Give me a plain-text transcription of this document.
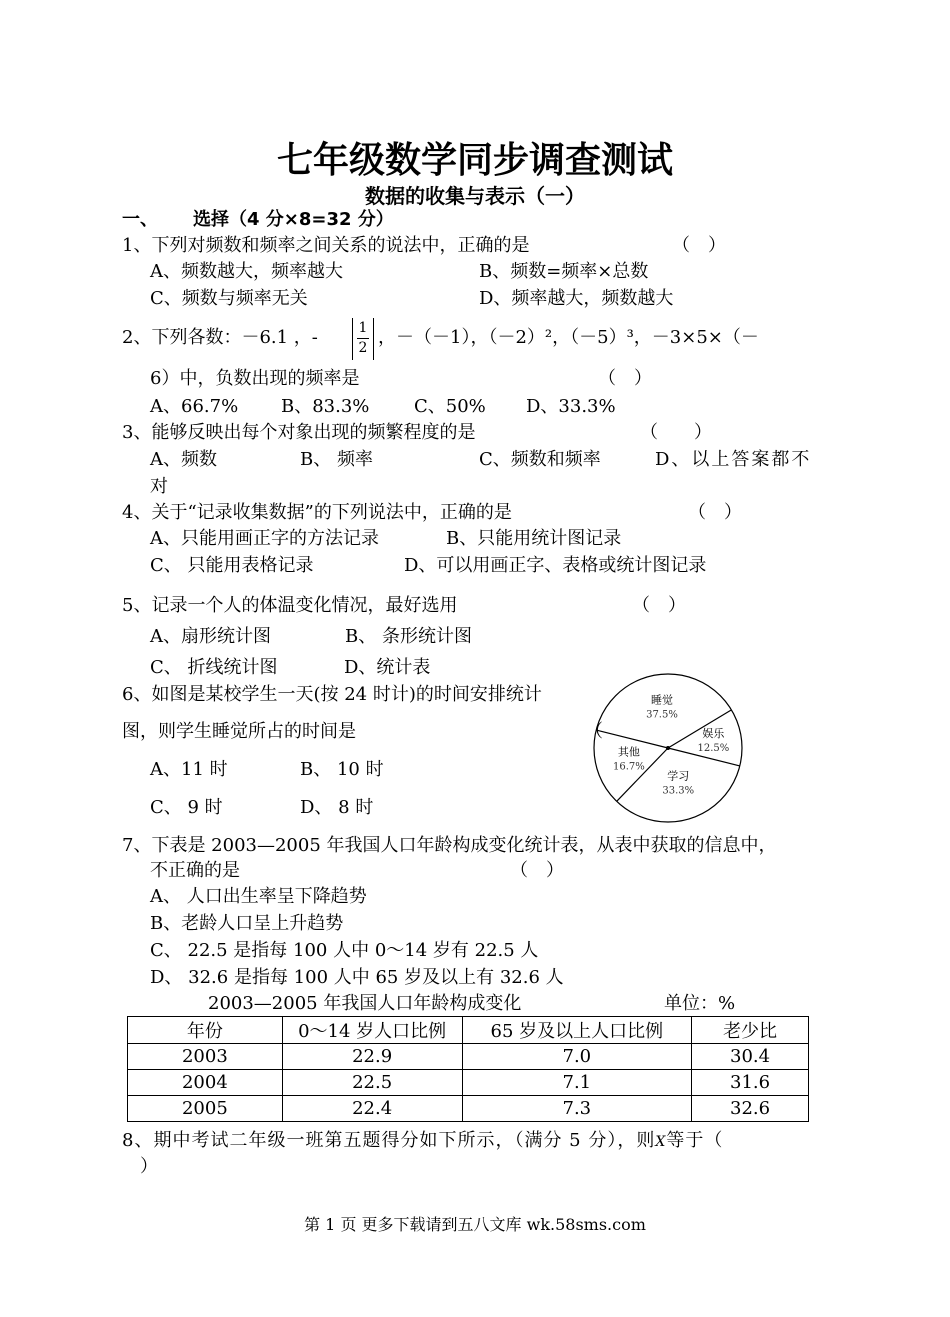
七年级数学同步调查测试
数据的收集与表示（一）
一、 选择（4 分×8=32 分）
1、下列对频数和频率之间关系的说法中，正确的是	（　）
A、频数越大，频率越大	B、频数=频率×总数
C、频数与频率无关	D、频率越大，频数越大
2、下列各数：－6.1 ，-	1
2 ，－（－1），（－2）²，（－5）³，－3×5×（－
6）中，负数出现的频率是	（　）
A、66.7% B、83.3% C、50% D、33.3%
3、能够反映出每个对象出现的频繁程度的是	（　　）
A、频数	B、 频率	C、频数和频率	D、以上答案都不
对
4、关于“记录收集数据”的下列说法中，正确的是	（　）
A、只能用画正字的方法记录	B、只能用统计图记录
C、 只能用表格记录	D、可以用画正字、表格或统计图记录
5、记录一个人的体温变化情况，最好选用	（　）
A、扇形统计图	B、 条形统计图
C、 折线统计图	D、统计表
6、如图是某校学生一天(按 24 时计)的时间安排统计
图，则学生睡觉所占的时间是	（
A、11 时	B、 10 时
C、 9 时	D、 8 时
睡觉
37.5%
娱乐
12.5%
学习
33.3%
其他
16.7%
7、下表是 2003—2005 年我国人口年龄构成变化统计表，从表中获取的信息中，
不正确的是	（　）
A、 人口出生率呈下降趋势
B、老龄人口呈上升趋势
C、 22.5 是指每 100 人中 0～14 岁有 22.5 人
D、 32.6 是指每 100 人中 65 岁及以上有 32.6 人
2003—2005 年我国人口年龄构成变化	单位：%
年份	0～14 岁人口比例	65 岁及以上人口比例	老少比
2003	22.9	7.0	30.4
2004	22.5	7.1	31.6
2005	22.4	7.3	32.6
8、期中考试二年级一班第五题得分如下所示，（满分 5 分），则X等于（
）
第 1 页 更多下载请到五八文库 wk.58sms.com
